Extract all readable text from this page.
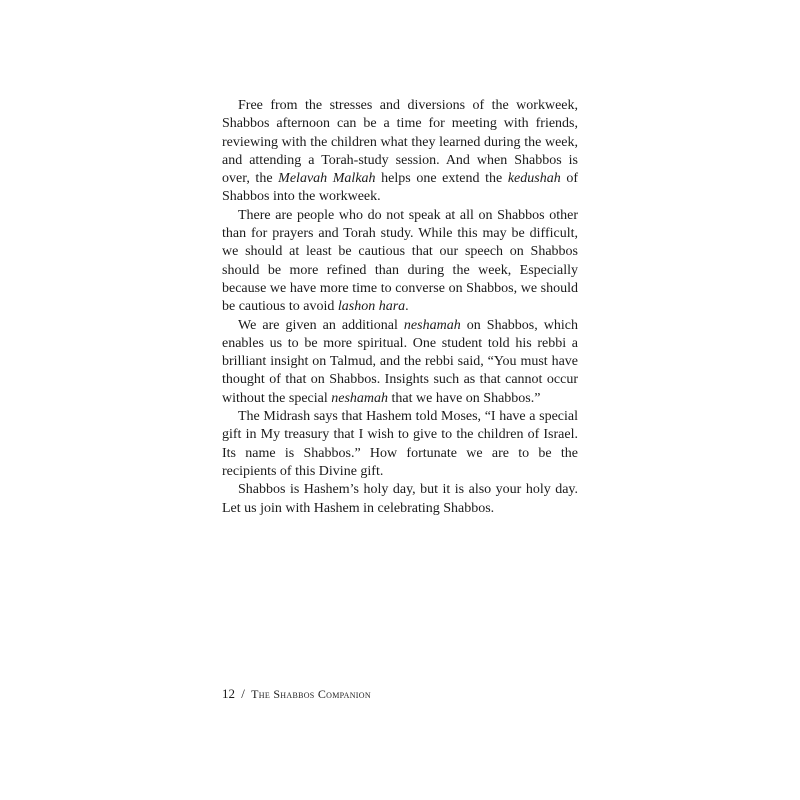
Free from the stresses and diversions of the workweek, Shabbos afternoon can be a time for meeting with friends, reviewing with the children what they learned during the week, and attending a Torah-study session. And when Shabbos is over, the Melavah Malkah helps one extend the kedushah of Shabbos into the workweek.

There are people who do not speak at all on Shabbos other than for prayers and Torah study. While this may be difficult, we should at least be cautious that our speech on Shabbos should be more refined than during the week, Especially because we have more time to converse on Shabbos, we should be cautious to avoid lashon hara.

We are given an additional neshamah on Shabbos, which enables us to be more spiritual. One student told his rebbi a brilliant insight on Talmud, and the rebbi said, “You must have thought of that on Shabbos. Insights such as that cannot occur without the special neshamah that we have on Shabbos.”

The Midrash says that Hashem told Moses, “I have a special gift in My treasury that I wish to give to the children of Israel. Its name is Shabbos.” How fortunate we are to be the recipients of this Divine gift.

Shabbos is Hashem’s holy day, but it is also your holy day. Let us join with Hashem in celebrating Shabbos.

12 / The Shabbos Companion
